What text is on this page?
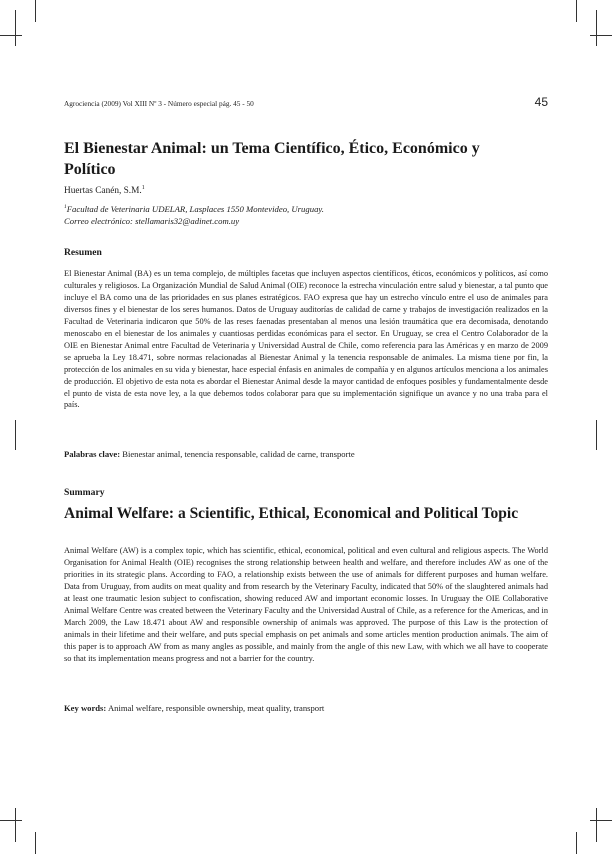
Agrociencia (2009) Vol XIII Nº 3 - Número especial pág. 45 - 50	45
El Bienestar Animal: un Tema Científico, Ético, Económico y Político
Huertas Canén, S.M.$^1$
$^1$Facultad de Veterinaria UDELAR, Lasplaces 1550 Montevideo, Uruguay.
Correo electrónico: stellamaris32@adinet.com.uy
Resumen

El Bienestar Animal (BA) es un tema complejo, de múltiples facetas que incluyen aspectos científicos, éticos, económicos y políticos, así como culturales y religiosos. La Organización Mundial de Salud Animal (OIE) reconoce la estrecha vinculación entre salud y bienestar, a tal punto que incluye el BA como una de las prioridades en sus planes estratégicos. FAO expresa que hay un estrecho vínculo entre el uso de animales para diversos fines y el bienestar de los seres humanos. Datos de Uruguay auditorías de calidad de carne y trabajos de investigación realizados en la Facultad de Veterinaria indicaron que 50% de las reses faenadas presentaban al menos una lesión traumática que era decomisada, denotando menoscabo en el bienestar de los animales y cuantiosas perdidas económicas para el sector. En Uruguay, se crea el Centro Colaborador de la OIE en Bienestar Animal entre Facultad de Veterinaria y Universidad Austral de Chile, como referencia para las Américas y en marzo de 2009 se aprueba la Ley 18.471, sobre normas relacionadas al Bienestar Animal y la tenencia responsable de animales. La misma tiene por fin, la protección de los animales en su vida y bienestar, hace especial énfasis en animales de compañía y en algunos artículos menciona a los animales de producción. El objetivo de esta nota es abordar el Bienestar Animal desde la mayor cantidad de enfoques posibles y fundamentalmente desde el punto de vista de esta nove ley, a la que debemos todos colaborar para que su implementación signifique un avance y no una traba para el país.

Palabras clave: Bienestar animal, tenencia responsable, calidad de carne, transporte
Summary
Animal Welfare: a Scientific, Ethical, Economical and Political Topic

Animal Welfare (AW) is a complex topic, which has scientific, ethical, economical, political and even cultural and religious aspects. The World Organisation for Animal Health (OIE) recognises the strong relationship between health and welfare, and therefore includes AW as one of the priorities in its strategic plans. According to FAO, a relationship exists between the use of animals for different purposes and human welfare. Data from Uruguay, from audits on meat quality and from research by the Veterinary Faculty, indicated that 50% of the slaughtered animals had at least one traumatic lesion subject to confiscation, showing reduced AW and important economic losses. In Uruguay the OIE Collaborative Animal Welfare Centre was created between the Veterinary Faculty and the Universidad Austral of Chile, as a reference for the Americas, and in March 2009, the Law 18.471 about AW and responsible ownership of animals was approved. The purpose of this Law is the protection of animals in their lifetime and their welfare, and puts special emphasis on pet animals and some articles mention production animals. The aim of this paper is to approach AW from as many angles as possible, and mainly from the angle of this new Law, with which we all have to cooperate so that its implementation means progress and not a barrier for the country.

Key words: Animal welfare, responsible ownership, meat quality, transport
